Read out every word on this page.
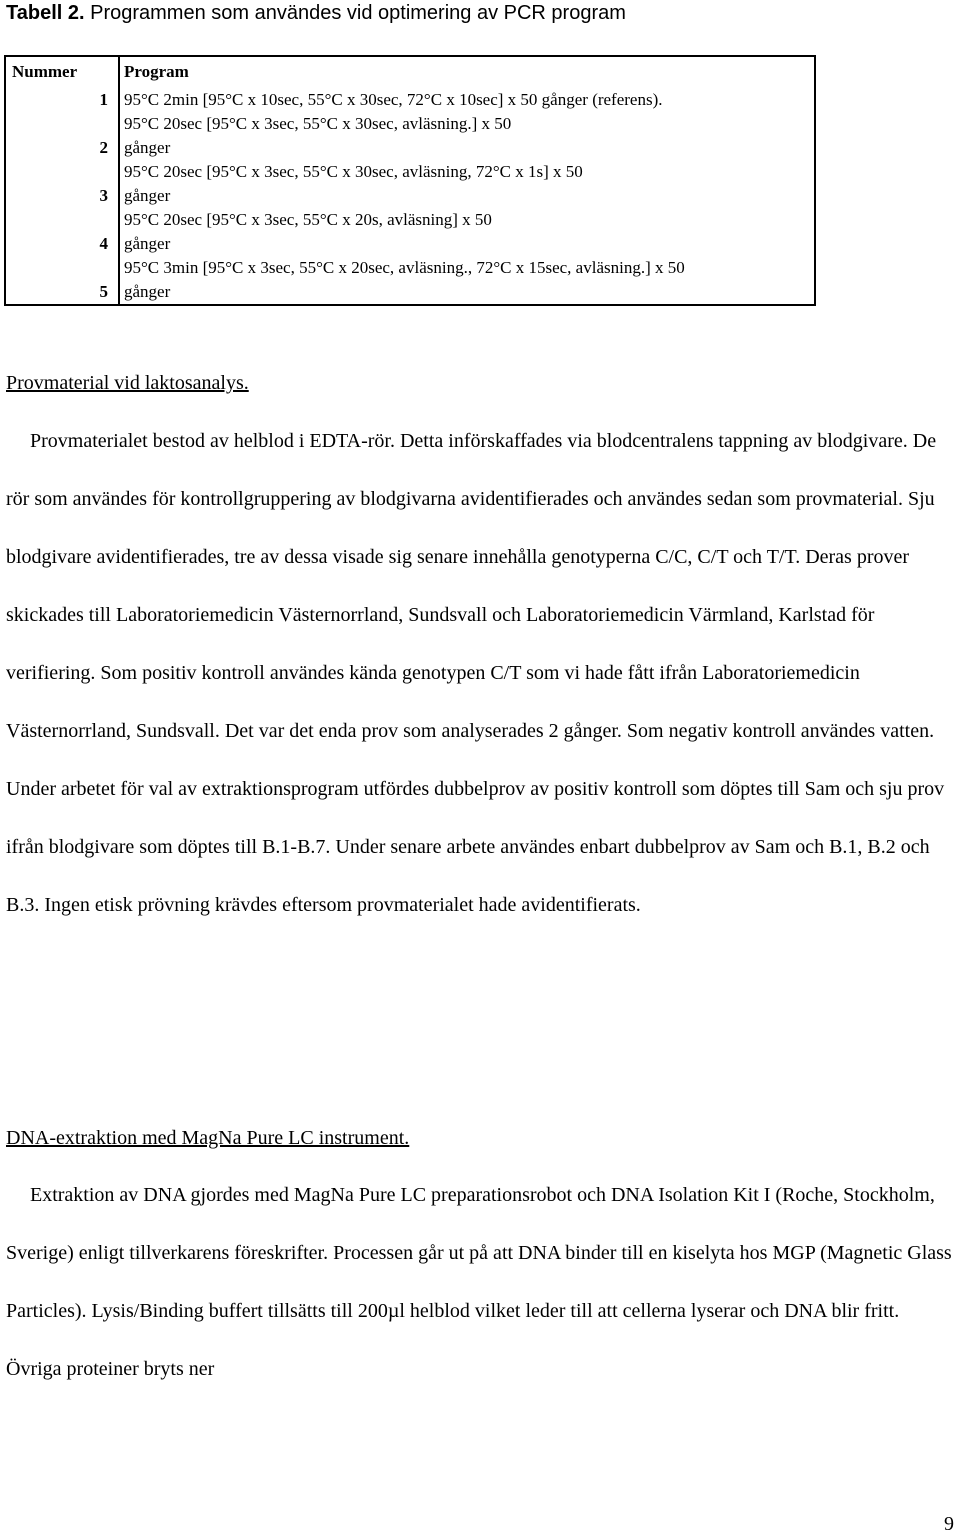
Tabell 2. Programmen som användes vid optimering av PCR program
Nummer	Program
1	95°C 2min [95°C x 10sec, 55°C x 30sec, 72°C x 10sec] x 50 gånger (referens).

2	95°C 20sec [95°C x 3sec, 55°C x 30sec, avläsning.] x 50
gånger

3	95°C 20sec [95°C x 3sec, 55°C x 30sec, avläsning, 72°C x 1s] x 50
gånger

4	95°C 20sec [95°C x 3sec, 55°C x 20s, avläsning] x 50
gånger

5	95°C 3min [95°C x 3sec, 55°C x 20sec, avläsning., 72°C x 15sec, avläsning.] x 50
gånger
Provmaterial vid laktosanalys.
Provmaterialet bestod av helblod i EDTA-rör. Detta införskaffades via blodcentralens tappning av blodgivare. De rör som användes för kontrollgruppering av blodgivarna avidentifierades och användes sedan som provmaterial. Sju blodgivare avidentifierades, tre av dessa visade sig senare innehålla genotyperna C/C, C/T och T/T. Deras prover skickades till Laboratoriemedicin Västernorrland, Sundsvall och Laboratoriemedicin Värmland, Karlstad för verifiering. Som positiv kontroll användes kända genotypen C/T som vi hade fått ifrån Laboratoriemedicin Västernorrland, Sundsvall. Det var det enda prov som analyserades 2 gånger. Som negativ kontroll användes vatten. Under arbetet för val av extraktionsprogram utfördes dubbelprov av positiv kontroll som döptes till Sam och sju prov ifrån blodgivare som döptes till B.1-B.7. Under senare arbete användes enbart dubbelprov av Sam och B.1, B.2 och B.3. Ingen etisk prövning krävdes eftersom provmaterialet hade avidentifierats.
DNA-extraktion med MagNa Pure LC instrument.
Extraktion av DNA gjordes med MagNa Pure LC preparationsrobot och DNA Isolation Kit I (Roche, Stockholm, Sverige) enligt tillverkarens föreskrifter. Processen går ut på att DNA binder till en kiselyta hos MGP (Magnetic Glass Particles). Lysis/Binding buffert tillsätts till 200µl helblod vilket leder till att cellerna lyserar och DNA blir fritt. Övriga proteiner bryts ner
9
